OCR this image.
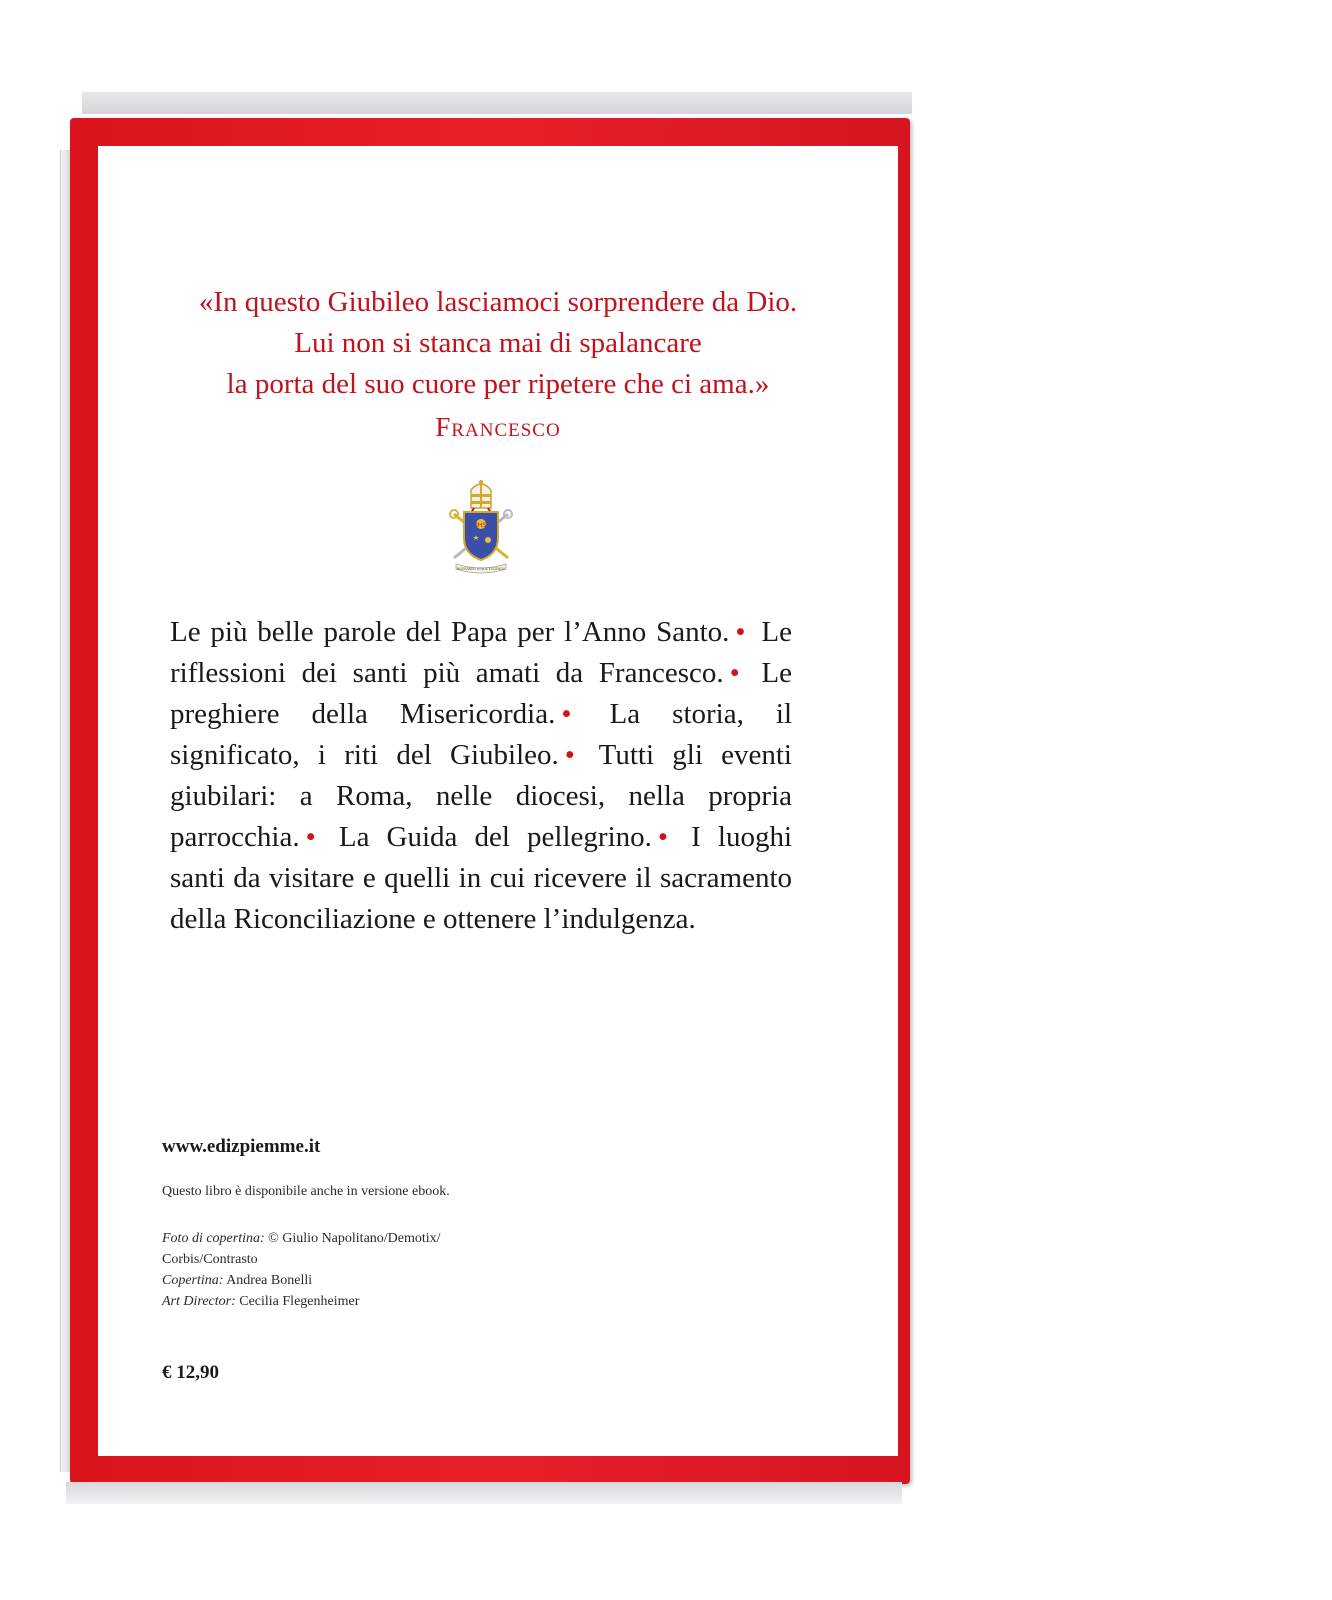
«In questo Giubileo lasciamoci sorprendere da Dio.
Lui non si stanca mai di spalancare
la porta del suo cuore per ripetere che ci ama.»
Francesco
IHS
MISERANDO ATQUE ELIGENDO
Le più belle parole del Papa per l’Anno Santo. • Le riflessioni dei santi più amati da Francesco. • Le preghiere della Misericordia. • La storia, il significato, i riti del Giubileo. • Tutti gli eventi giubilari: a Roma, nelle diocesi, nella propria parrocchia. • La Guida del pellegrino. • I luoghi santi da visitare e quelli in cui ricevere il sacramento della Riconciliazione e ottenere l’indulgenza.
www.edizpiemme.it
Questo libro è disponibile anche in versione ebook.
Foto di copertina: © Giulio Napolitano/Demotix/
Corbis/Contrasto
Copertina: Andrea Bonelli
Art Director: Cecilia Flegenheimer
€ 12,90
